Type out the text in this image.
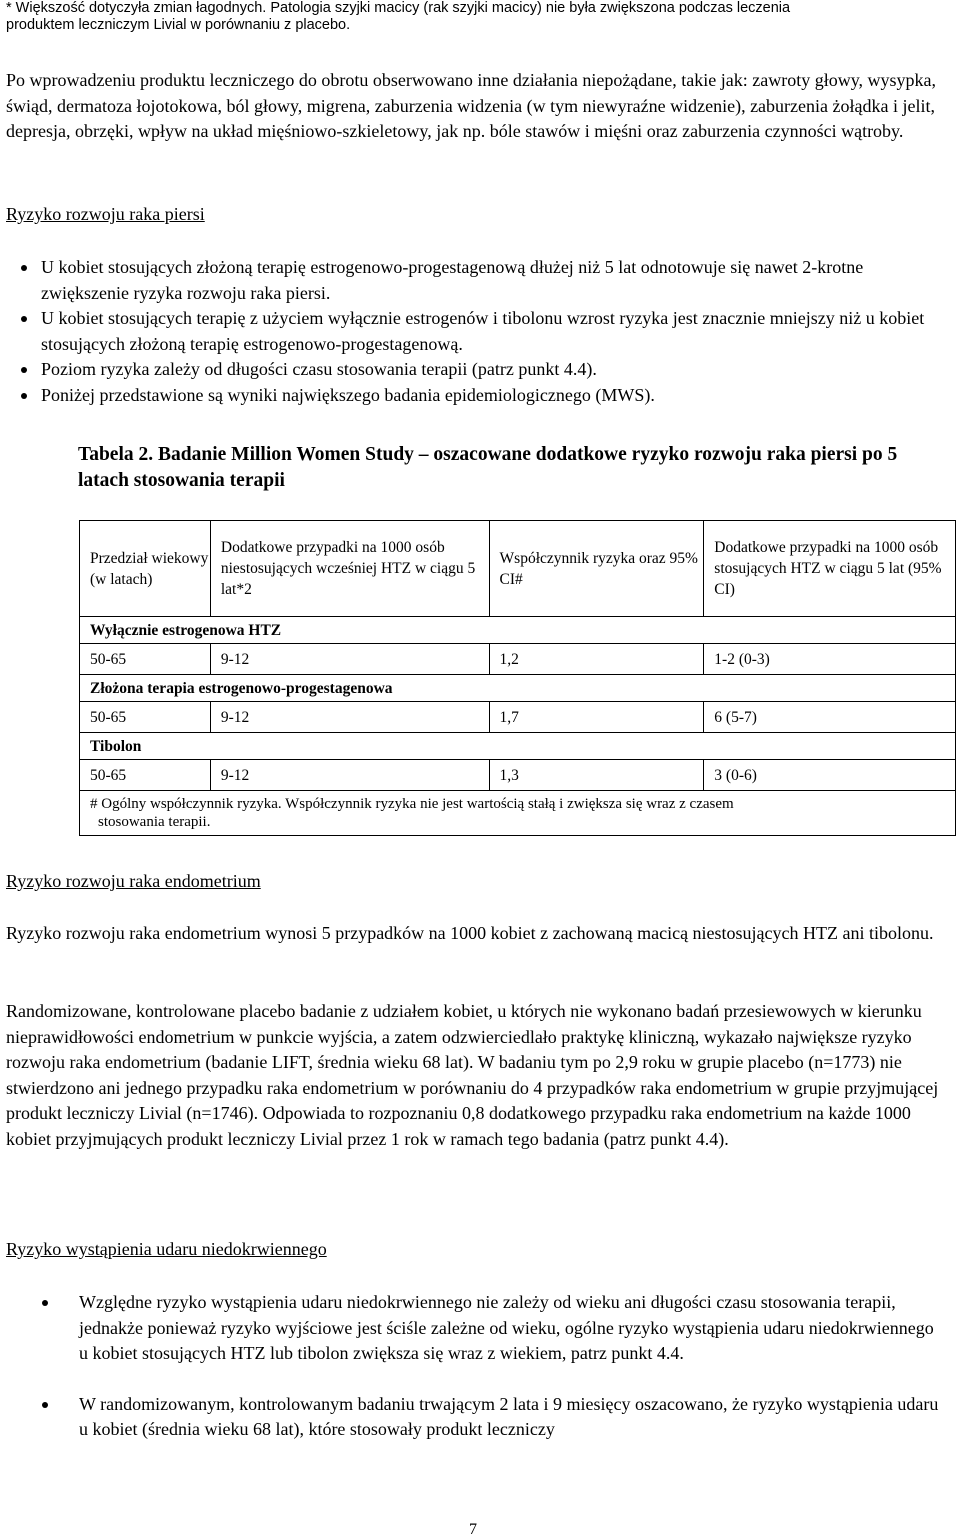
* Większość dotyczyła zmian łagodnych. Patologia szyjki macicy (rak szyjki macicy) nie była zwiększona podczas leczenia
produktem leczniczym Livial w porównaniu z placebo.
Po wprowadzeniu produktu leczniczego do obrotu obserwowano inne działania niepożądane, takie jak: zawroty głowy, wysypka, świąd, dermatoza łojotokowa, ból głowy, migrena, zaburzenia widzenia (w tym niewyraźne widzenie), zaburzenia żołądka i jelit, depresja, obrzęki, wpływ na układ mięśniowo-szkieletowy, jak np. bóle stawów i mięśni oraz zaburzenia czynności wątroby.
Ryzyko rozwoju raka piersi
U kobiet stosujących złożoną terapię estrogenowo-progestagenową dłużej niż 5 lat odnotowuje się nawet 2-krotne zwiększenie ryzyka rozwoju raka piersi.
U kobiet stosujących terapię z użyciem wyłącznie estrogenów i tibolonu wzrost ryzyka jest znacznie mniejszy niż u kobiet stosujących złożoną terapię estrogenowo-progestagenową.
Poziom ryzyka zależy od długości czasu stosowania terapii (patrz punkt 4.4).
Poniżej przedstawione są wyniki największego badania epidemiologicznego (MWS).
Tabela 2. Badanie Million Women Study – oszacowane dodatkowe ryzyko rozwoju raka piersi po 5 latach stosowania terapii
Przedział wiekowy (w latach)	Dodatkowe przypadki na 1000 osób niestosujących wcześniej HTZ w ciągu 5 lat*2	Współczynnik ryzyka oraz 95% CI#	Dodatkowe przypadki na 1000 osób stosujących HTZ w ciągu 5 lat (95% CI)
Wyłącznie estrogenowa HTZ			
50-65	9-12	1,2	1-2 (0-3)
Złożona terapia estrogenowo-progestagenowa			
50-65	9-12	1,7	6 (5-7)
Tibolon			
50-65	9-12	1,3	3 (0-6)

# Ogólny współczynnik ryzyka. Współczynnik ryzyka nie jest wartością stałą i zwiększa się wraz z czasem
stosowania terapii.			
Ryzyko rozwoju raka endometrium
Ryzyko rozwoju raka endometrium wynosi 5 przypadków na 1000 kobiet z zachowaną macicą niestosujących HTZ ani tibolonu.
Randomizowane, kontrolowane placebo badanie z udziałem kobiet, u których nie wykonano badań przesiewowych w kierunku nieprawidłowości endometrium w punkcie wyjścia, a zatem odzwierciedlało praktykę kliniczną, wykazało największe ryzyko rozwoju raka endometrium (badanie LIFT, średnia wieku 68 lat). W badaniu tym po 2,9 roku w grupie placebo (n=1773) nie stwierdzono ani jednego przypadku raka endometrium w porównaniu do 4 przypadków raka endometrium w grupie przyjmującej produkt leczniczy Livial (n=1746). Odpowiada to rozpoznaniu 0,8 dodatkowego przypadku raka endometrium na każde 1000 kobiet przyjmujących produkt leczniczy Livial przez 1 rok w ramach tego badania (patrz punkt 4.4).
Ryzyko wystąpienia udaru niedokrwiennego
Względne ryzyko wystąpienia udaru niedokrwiennego nie zależy od wieku ani długości czasu stosowania terapii, jednakże ponieważ ryzyko wyjściowe jest ściśle zależne od wieku, ogólne ryzyko wystąpienia udaru niedokrwiennego u kobiet stosujących HTZ lub tibolon zwiększa się wraz z wiekiem, patrz punkt 4.4.
W randomizowanym, kontrolowanym badaniu trwającym 2 lata i 9 miesięcy oszacowano, że ryzyko wystąpienia udaru u kobiet (średnia wieku 68 lat), które stosowały produkt leczniczy
7
